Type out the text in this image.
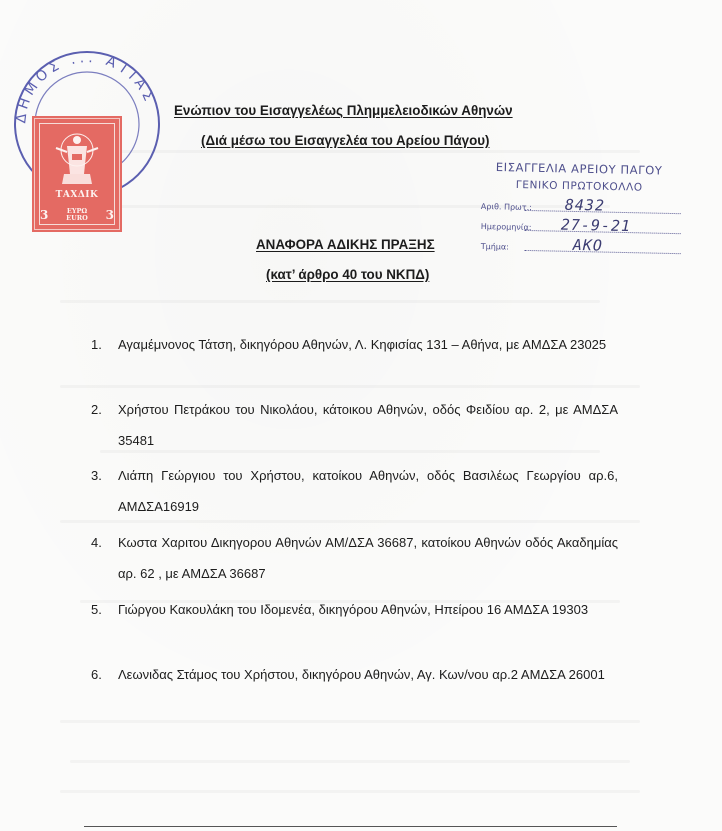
ΔΗΜΟΣ ... ΑΤΙΑΣ
ΤΑΧΔΙΚ
3	ΕΥΡΩ
EURO 3
Ενώπιον του Εισαγγελέως Πλημμελειοδικών Αθηνών
(Διά μέσω του Εισαγγελέα του Αρείου Πάγου)
ΕΙΣΑΓΓΕΛΙΑ ΑΡΕΙΟΥ ΠΑΓΟΥ
ΓΕΝΙΚΟ ΠΡΩΤΟΚΟΛΛΟ
Αριθ. Πρωτ.: 8432
Ημερομηνία: 27-9-21
Τμήμα:	ΑΚΟ
ΑΝΑΦΟΡΑ ΑΔΙΚΗΣ ΠΡΑΞΗΣ
(κατ’ άρθρο 40 του ΝΚΠΔ)
1. Αγαμέμνονος Τάτση, δικηγόρου Αθηνών, Λ. Κηφισίας 131 – Αθήνα, με ΑΜΔΣΑ 23025
2. Χρήστου Πετράκου του Νικολάου, κάτοικου Αθηνών, οδός Φειδίου αρ. 2, με ΑΜΔΣΑ 35481
3. Λιάπη Γεώργιου του Χρήστου, κατοίκου Αθηνών, οδός Βασιλέως Γεωργίου αρ.6, ΑΜΔΣΑ16919
4. Κωστα Χαριτου Δικηγορου Αθηνών ΑΜ/ΔΣΑ 36687, κατοίκου Αθηνών οδός Ακαδημίας αρ. 62 , με ΑΜΔΣΑ 36687
5. Γιώργου Κακουλάκη του Ιδομενέα, δικηγόρου Αθηνών, Ηπείρου 16 ΑΜΔΣΑ 19303
6. Λεωνιδας Στάμος του Χρήστου, δικηγόρου Αθηνών, Αγ. Κων/νου αρ.2 ΑΜΔΣΑ 26001
